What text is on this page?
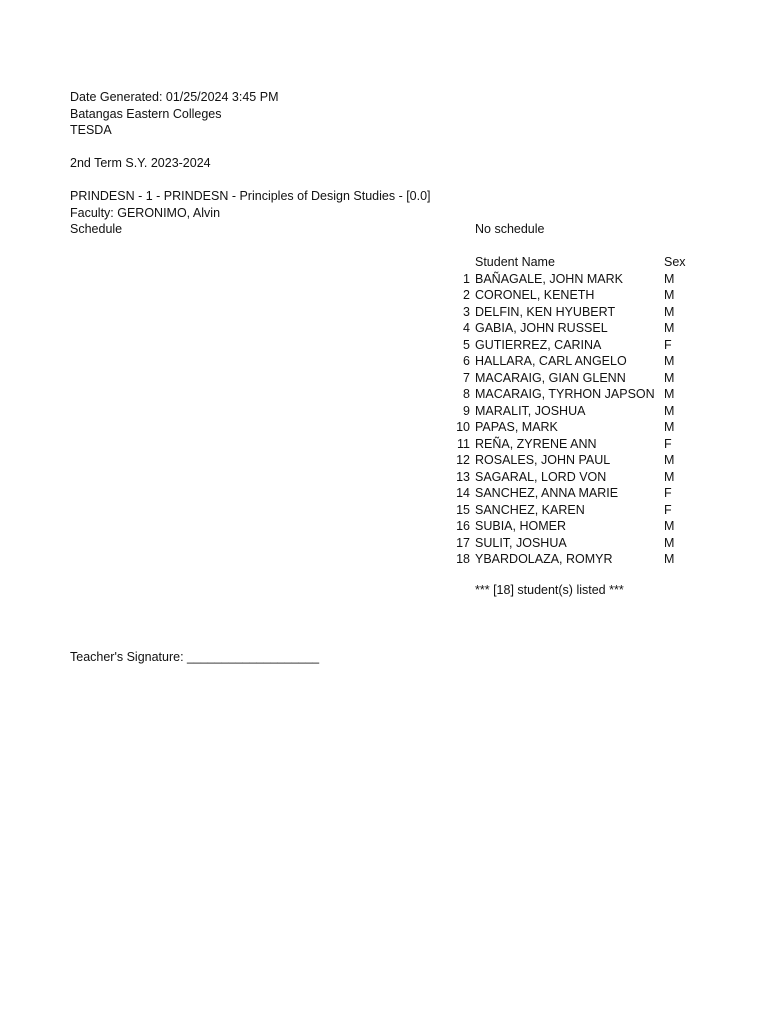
Date Generated: 01/25/2024 3:45 PM
Batangas Eastern Colleges
TESDA
2nd Term S.Y. 2023-2024
PRINDESN - 1 - PRINDESN - Principles of Design Studies - [0.0]
Faculty: GERONIMO, Alvin
Schedule	No schedule
Student Name	Sex
1 BAÑAGALE, JOHN MARK	M
2 CORONEL, KENETH	M
3 DELFIN, KEN HYUBERT	M
4 GABIA, JOHN RUSSEL	M
5 GUTIERREZ, CARINA	F
6 HALLARA, CARL ANGELO	M
7 MACARAIG, GIAN GLENN	M
8 MACARAIG, TYRHON JAPSON M
9 MARALIT, JOSHUA	M
10 PAPAS, MARK	M
11 REÑA, ZYRENE ANN	F
12 ROSALES, JOHN PAUL	M
13 SAGARAL, LORD VON	M
14 SANCHEZ, ANNA MARIE	F
15 SANCHEZ, KAREN	F
16 SUBIA, HOMER	M
17 SULIT, JOSHUA	M
18 YBARDOLAZA, ROMYR	M
*** [18] student(s) listed ***
Teacher's Signature: ___________________
